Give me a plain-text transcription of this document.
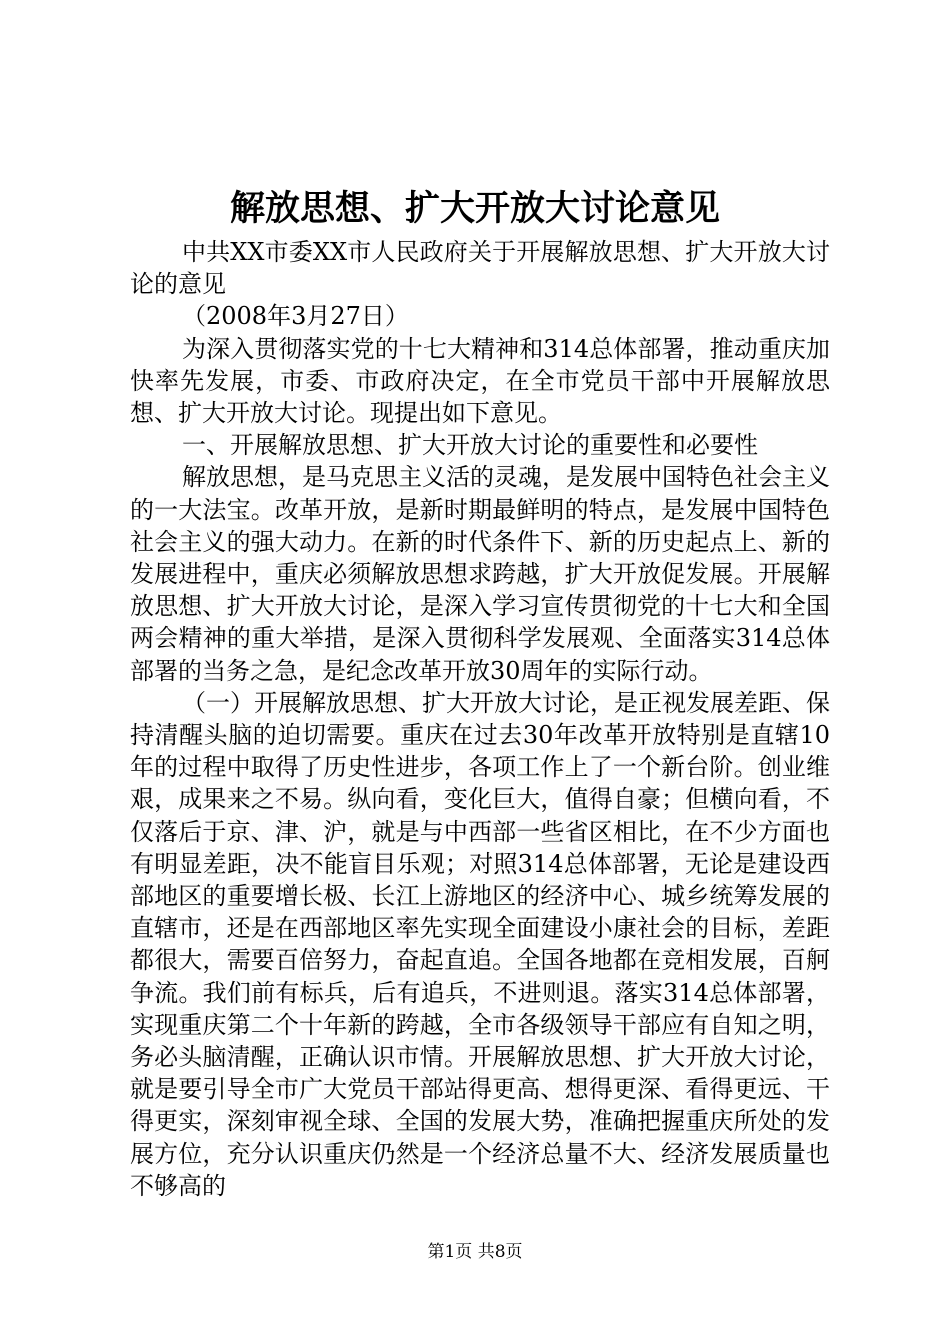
解放思想、扩大开放大讨论意见

中共XX市委XX市人民政府关于开展解放思想、扩大开放大讨论的意见

（2008年3月27日）

为深入贯彻落实党的十七大精神和314总体部署，推动重庆加快率先发展，市委、市政府决定，在全市党员干部中开展解放思想、扩大开放大讨论。现提出如下意见。

一、开展解放思想、扩大开放大讨论的重要性和必要性

解放思想，是马克思主义活的灵魂，是发展中国特色社会主义的一大法宝。改革开放，是新时期最鲜明的特点，是发展中国特色社会主义的强大动力。在新的时代条件下、新的历史起点上、新的发展进程中，重庆必须解放思想求跨越，扩大开放促发展。开展解放思想、扩大开放大讨论，是深入学习宣传贯彻党的十七大和全国两会精神的重大举措，是深入贯彻科学发展观、全面落实314总体部署的当务之急，是纪念改革开放30周年的实际行动。

（一）开展解放思想、扩大开放大讨论，是正视发展差距、保持清醒头脑的迫切需要。重庆在过去30年改革开放特别是直辖10年的过程中取得了历史性进步，各项工作上了一个新台阶。创业维艰，成果来之不易。纵向看，变化巨大，值得自豪；但横向看，不仅落后于京、津、沪，就是与中西部一些省区相比，在不少方面也有明显差距，决不能盲目乐观；对照314总体部署，无论是建设西部地区的重要增长极、长江上游地区的经济中心、城乡统筹发展的直辖市，还是在西部地区率先实现全面建设小康社会的目标，差距都很大，需要百倍努力，奋起直追。全国各地都在竞相发展，百舸争流。我们前有标兵，后有追兵，不进则退。落实314总体部署，实现重庆第二个十年新的跨越，全市各级领导干部应有自知之明，务必头脑清醒，正确认识市情。开展解放思想、扩大开放大讨论，就是要引导全市广大党员干部站得更高、想得更深、看得更远、干得更实，深刻审视全球、全国的发展大势，准确把握重庆所处的发展方位，充分认识重庆仍然是一个经济总量不大、经济发展质量也不够高的

第1页 共8页
